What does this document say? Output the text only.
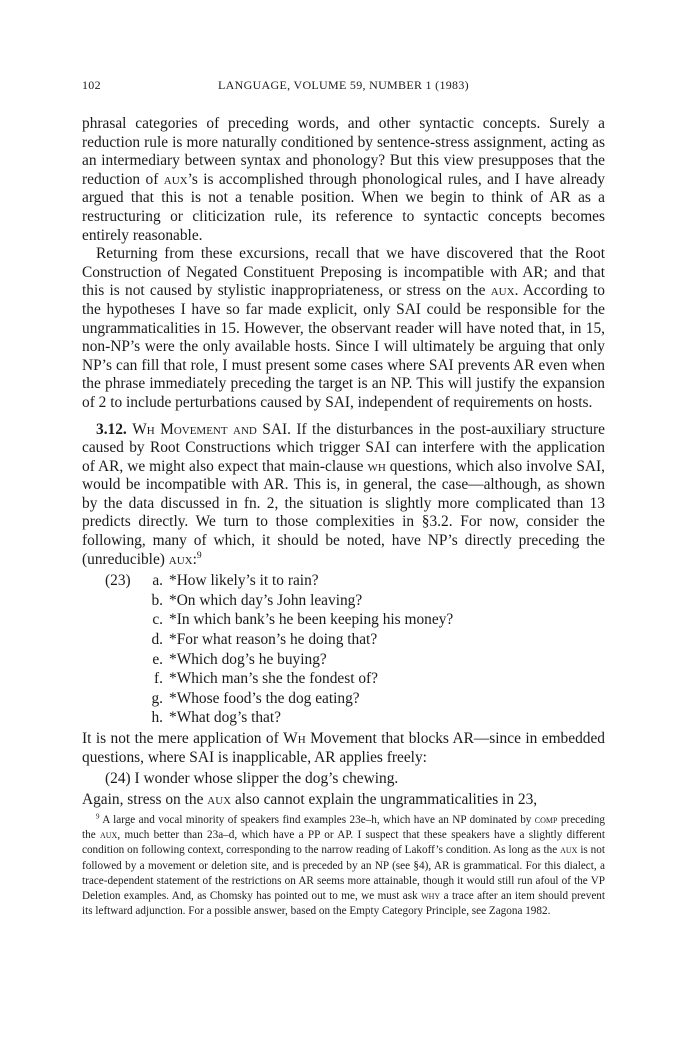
102	LANGUAGE, VOLUME 59, NUMBER 1 (1983)

phrasal categories of preceding words, and other syntactic concepts. Surely a reduction rule is more naturally conditioned by sentence-stress assignment, acting as an intermediary between syntax and phonology? But this view presupposes that the reduction of aux’s is accomplished through phonological rules, and I have already argued that this is not a tenable position. When we begin to think of AR as a restructuring or cliticization rule, its reference to syntactic concepts becomes entirely reasonable.

Returning from these excursions, recall that we have discovered that the Root Construction of Negated Constituent Preposing is incompatible with AR; and that this is not caused by stylistic inappropriateness, or stress on the aux. According to the hypotheses I have so far made explicit, only SAI could be responsible for the ungrammaticalities in 15. However, the observant reader will have noted that, in 15, non-NP’s were the only available hosts. Since I will ultimately be arguing that only NP’s can fill that role, I must present some cases where SAI prevents AR even when the phrase immediately preceding the target is an NP. This will justify the expansion of 2 to include perturbations caused by SAI, independent of requirements on hosts.

3.12. Wh Movement and SAI. If the disturbances in the post-auxiliary structure caused by Root Constructions which trigger SAI can interfere with the application of AR, we might also expect that main-clause wh questions, which also involve SAI, would be incompatible with AR. This is, in general, the case—although, as shown by the data discussed in fn. 2, the situation is slightly more complicated than 13 predicts directly. We turn to those complexities in §3.2. For now, consider the following, many of which, it should be noted, have NP’s directly preceding the (unreducible) aux:$^9$

(23)	a. *How likely’s it to rain?
b. *On which day’s John leaving?
c. *In which bank’s he been keeping his money?
d. *For what reason’s he doing that?
e. *Which dog’s he buying?
f. *Which man’s she the fondest of?
g. *Whose food’s the dog eating?
h. *What dog’s that?

It is not the mere application of Wh Movement that blocks AR—since in embedded questions, where SAI is inapplicable, AR applies freely:

(24) I wonder whose slipper the dog’s chewing.

Again, stress on the aux also cannot explain the ungrammaticalities in 23,

$^9$ A large and vocal minority of speakers find examples 23e–h, which have an NP dominated by comp preceding the aux, much better than 23a–d, which have a PP or AP. I suspect that these speakers have a slightly different condition on following context, corresponding to the narrow reading of Lakoff’s condition. As long as the aux is not followed by a movement or deletion site, and is preceded by an NP (see §4), AR is grammatical. For this dialect, a trace-dependent statement of the restrictions on AR seems more attainable, though it would still run afoul of the VP Deletion examples. And, as Chomsky has pointed out to me, we must ask why a trace after an item should prevent its leftward adjunction. For a possible answer, based on the Empty Category Principle, see Zagona 1982.
